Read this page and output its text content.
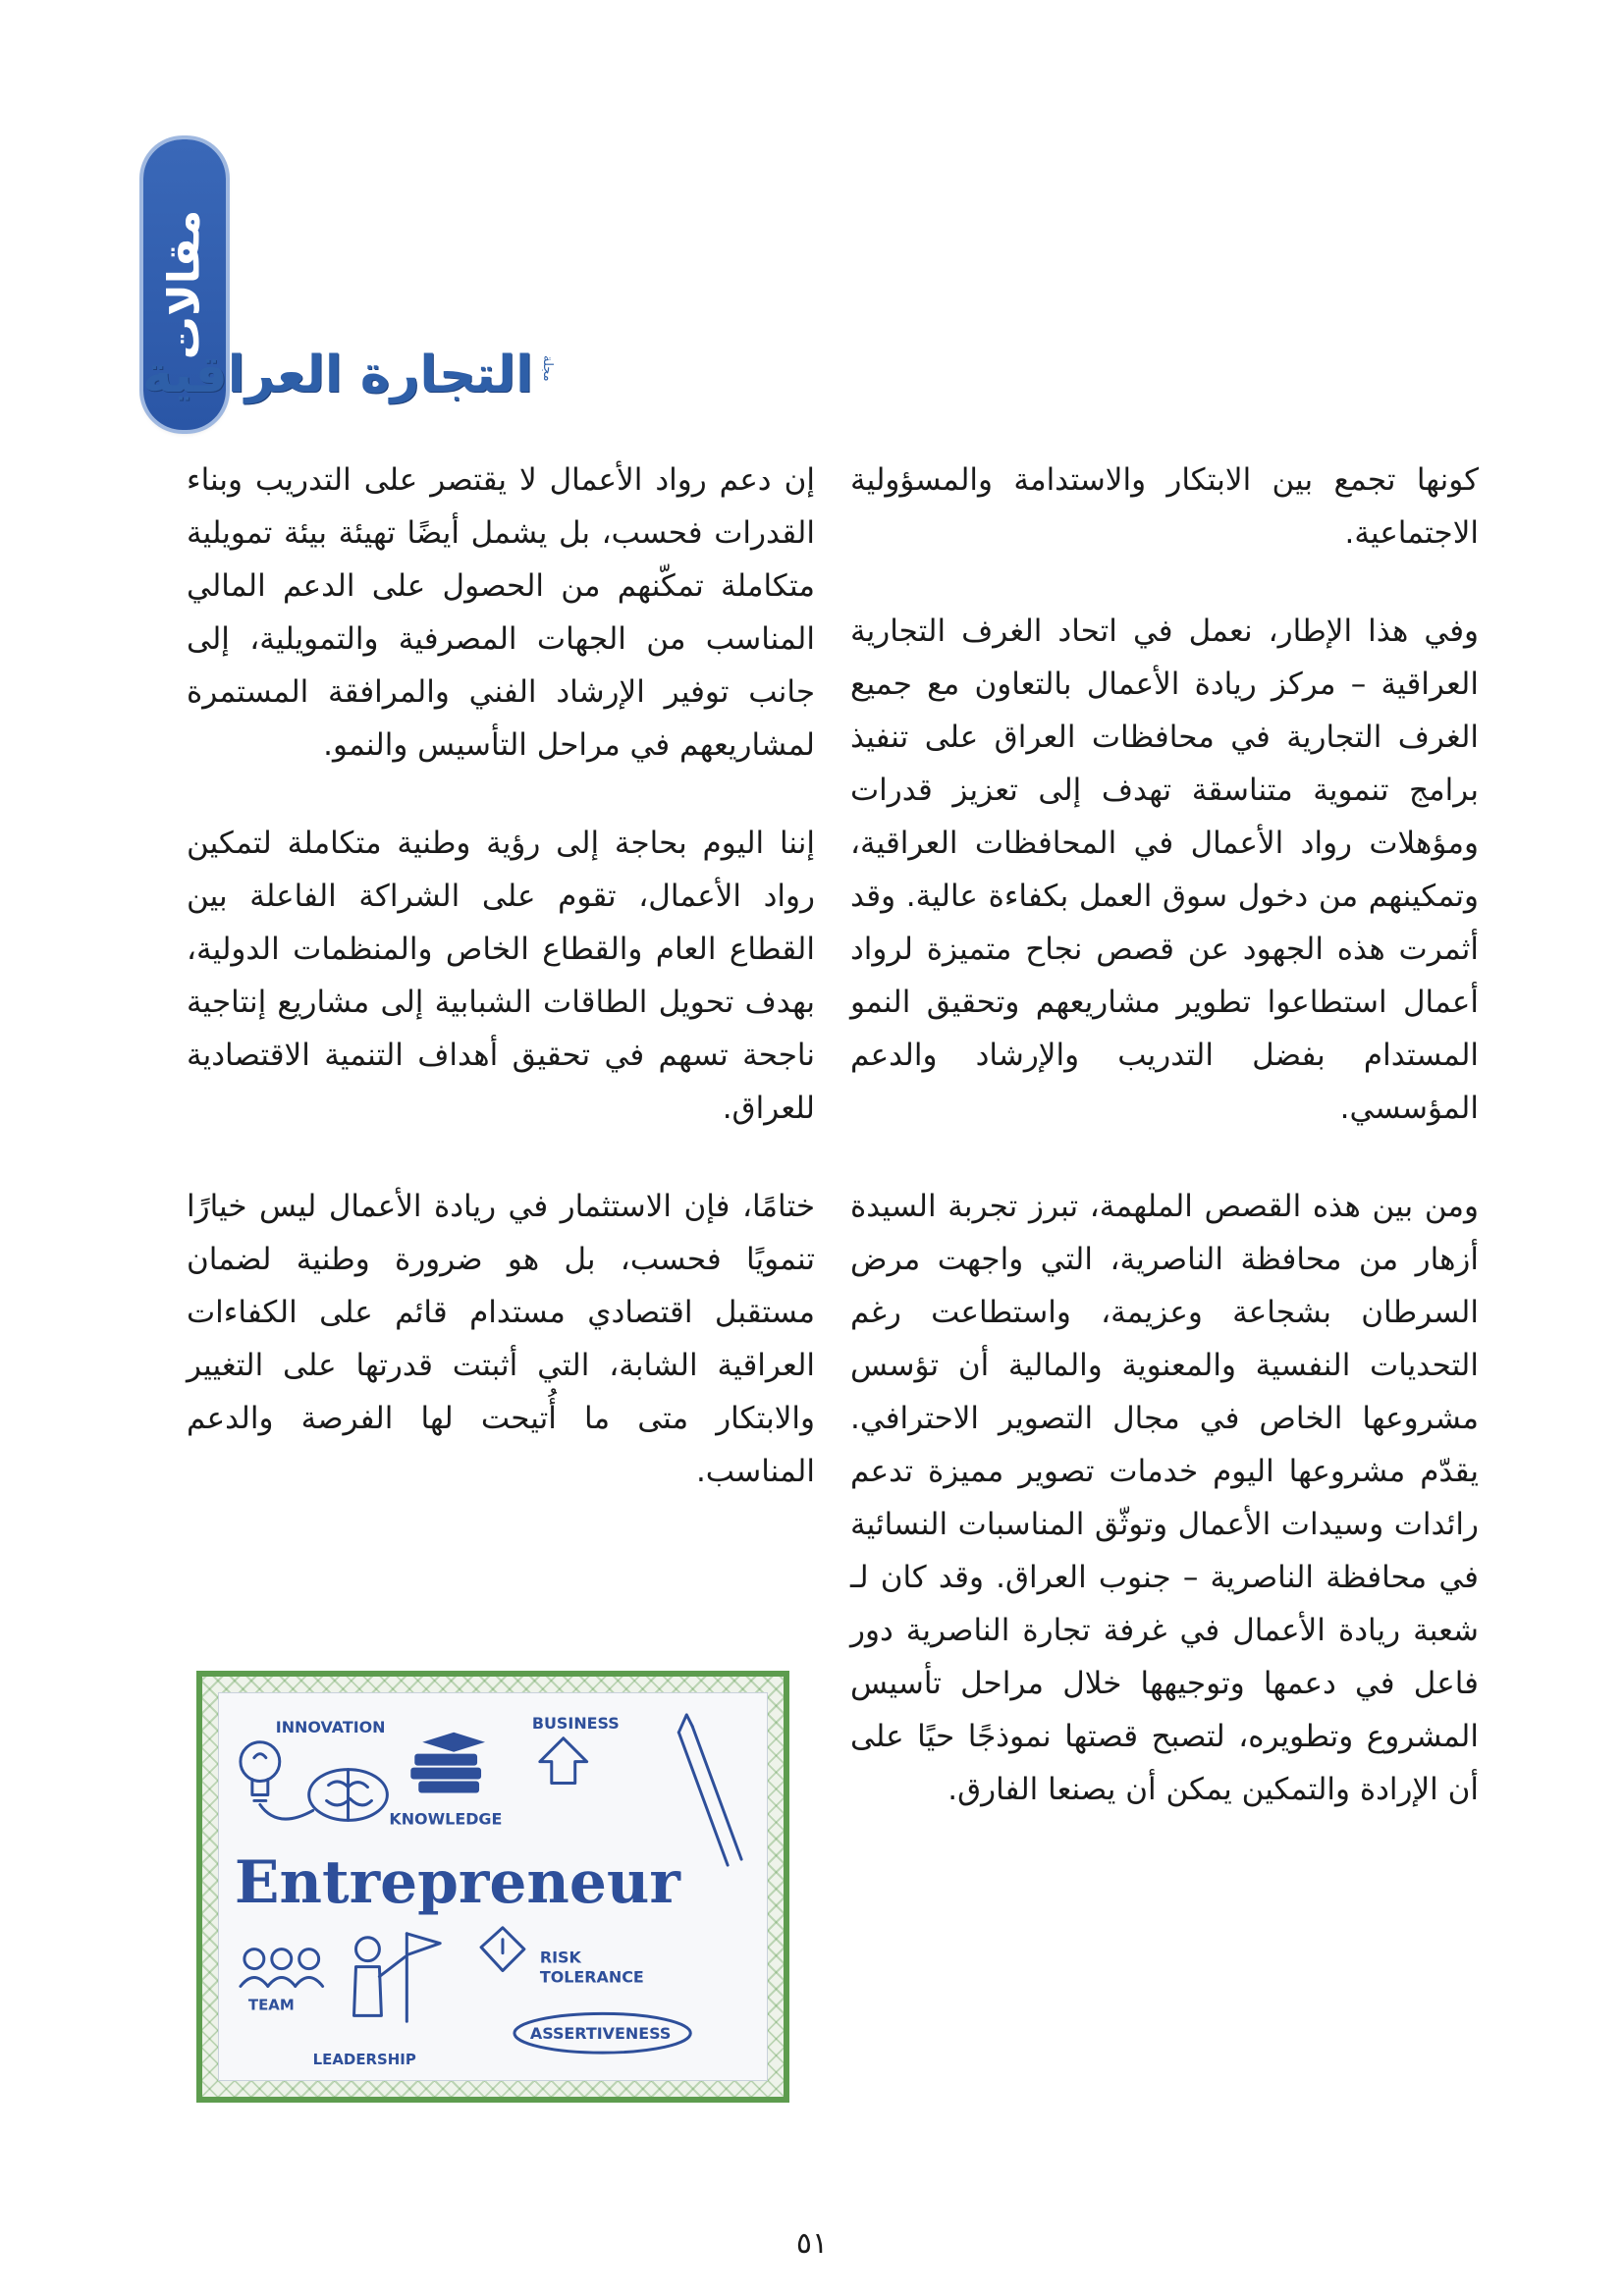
مقالات
التجارة العراقية مجلة

كونها تجمع بين الابتكار والاستدامة والمسؤولية الاجتماعية.

وفي هذا الإطار، نعمل في اتحاد الغرف التجارية العراقية – مركز ريادة الأعمال بالتعاون مع جميع الغرف التجارية في محافظات العراق على تنفيذ برامج تنموية متناسقة تهدف إلى تعزيز قدرات ومؤهلات رواد الأعمال في المحافظات العراقية، وتمكينهم من دخول سوق العمل بكفاءة عالية. وقد أثمرت هذه الجهود عن قصص نجاح متميزة لرواد أعمال استطاعوا تطوير مشاريعهم وتحقيق النمو المستدام بفضل التدريب والإرشاد والدعم المؤسسي.

ومن بين هذه القصص الملهمة، تبرز تجربة السيدة أزهار من محافظة الناصرية، التي واجهت مرض السرطان بشجاعة وعزيمة، واستطاعت رغم التحديات النفسية والمعنوية والمالية أن تؤسس مشروعها الخاص في مجال التصوير الاحترافي. يقدّم مشروعها اليوم خدمات تصوير مميزة تدعم رائدات وسيدات الأعمال وتوثّق المناسبات النسائية في محافظة الناصرية – جنوب العراق. وقد كان لـ شعبة ريادة الأعمال في غرفة تجارة الناصرية دور فاعل في دعمها وتوجيهها خلال مراحل تأسيس المشروع وتطويره، لتصبح قصتها نموذجًا حيًا على أن الإرادة والتمكين يمكن أن يصنعا الفارق.

إن دعم رواد الأعمال لا يقتصر على التدريب وبناء القدرات فحسب، بل يشمل أيضًا تهيئة بيئة تمويلية متكاملة تمكّنهم من الحصول على الدعم المالي المناسب من الجهات المصرفية والتمويلية، إلى جانب توفير الإرشاد الفني والمرافقة المستمرة لمشاريعهم في مراحل التأسيس والنمو.

إننا اليوم بحاجة إلى رؤية وطنية متكاملة لتمكين رواد الأعمال، تقوم على الشراكة الفاعلة بين القطاع العام والقطاع الخاص والمنظمات الدولية، بهدف تحويل الطاقات الشبابية إلى مشاريع إنتاجية ناجحة تسهم في تحقيق أهداف التنمية الاقتصادية للعراق.

ختامًا، فإن الاستثمار في ريادة الأعمال ليس خيارًا تنمويًا فحسب، بل هو ضرورة وطنية لضمان مستقبل اقتصادي مستدام قائم على الكفاءات العراقية الشابة، التي أثبتت قدرتها على التغيير والابتكار متى ما أُتيحت لها الفرصة والدعم المناسب.

INNOVATION
KNOWLEDGE
BUSINESS
Entrepreneur
RISK
TOLERANCE
TEAM
LEADERSHIP
ASSERTIVENESS
٥١
